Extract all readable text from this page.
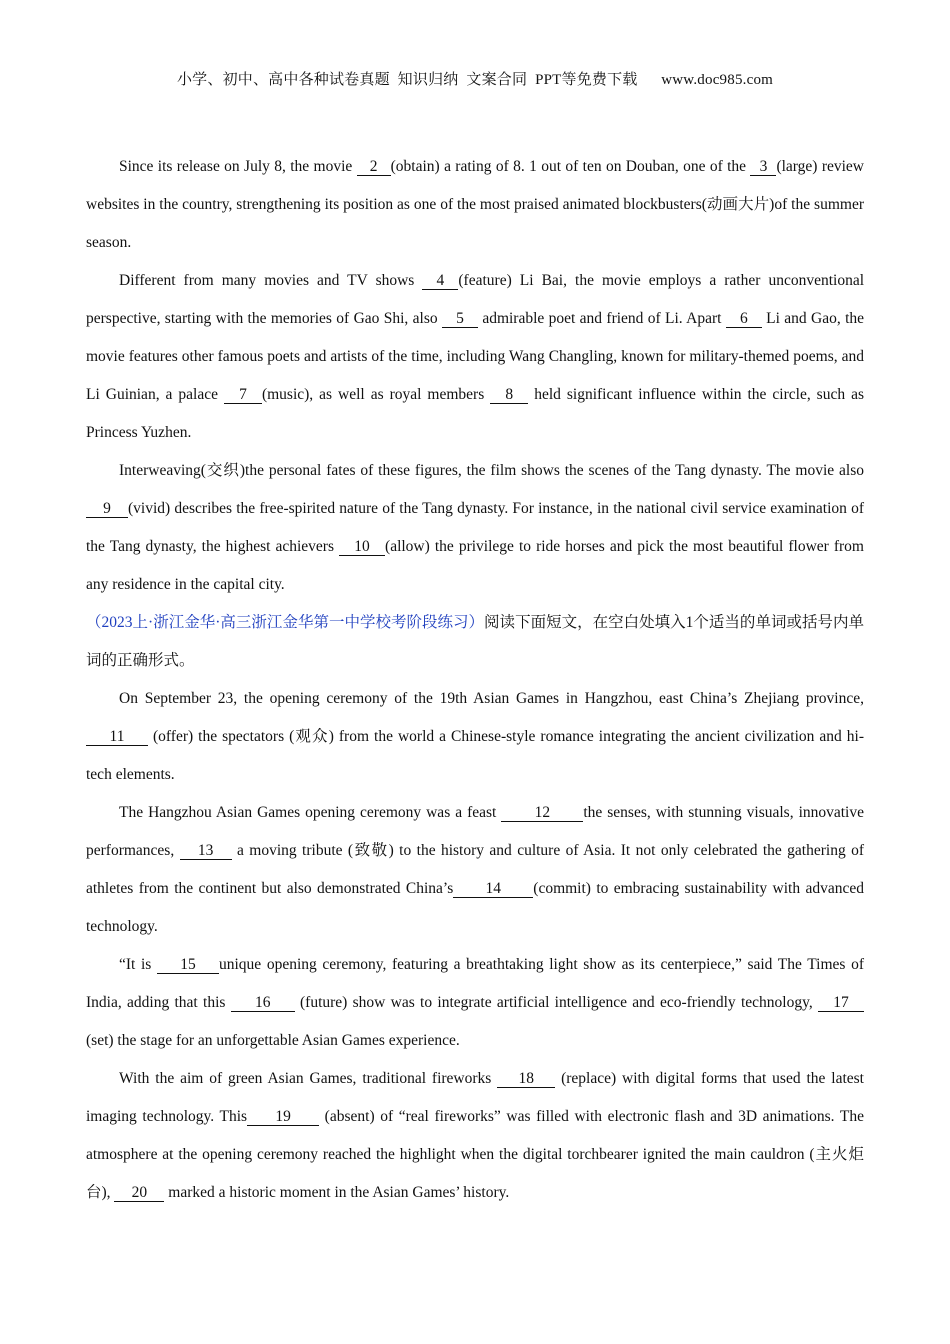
小学、初中、高中各种试卷真题  知识归纳  文案合同  PPT等免费下载      www.doc985.com

Since its release on July 8, the movie 2 (obtain) a rating of 8. 1 out of ten on Douban, one of the 3 (large) review websites in the country, strengthening its position as one of the most praised animated blockbusters(动画大片)of the summer season.

Different from many movies and TV shows 4 (feature) Li Bai, the movie employs a rather unconventional perspective, starting with the memories of Gao Shi, also 5 admirable poet and friend of Li. Apart 6 Li and Gao, the movie features other famous poets and artists of the time, including Wang Changling, known for military-themed poems, and Li Guinian, a palace 7 (music), as well as royal members 8 held significant influence within the circle, such as Princess Yuzhen.

Interweaving(交织)the personal fates of these figures, the film shows the scenes of the Tang dynasty. The movie also 9 (vivid) describes the free-spirited nature of the Tang dynasty. For instance, in the national civil service examination of the Tang dynasty, the highest achievers 10 (allow) the privilege to ride horses and pick the most beautiful flower from any residence in the capital city.

（2023上·浙江金华·高三浙江金华第一中学校考阶段练习）阅读下面短文，在空白处填入1个适当的单词或括号内单词的正确形式。

On September 23, the opening ceremony of the 19th Asian Games in Hangzhou, east China’s Zhejiang province, 11 (offer) the spectators (观众) from the world a Chinese-style romance integrating the ancient civilization and hi-tech elements.

The Hangzhou Asian Games opening ceremony was a feast 12 the senses, with stunning visuals, innovative performances, 13 a moving tribute (致敬) to the history and culture of Asia. It not only celebrated the gathering of athletes from the continent but also demonstrated China’s 14 (commit) to embracing sustainability with advanced technology.

“It is 15 unique opening ceremony, featuring a breathtaking light show as its centerpiece,” said The Times of India, adding that this 16 (future) show was to integrate artificial intelligence and eco-friendly technology, 17 (set) the stage for an unforgettable Asian Games experience.

With the aim of green Asian Games, traditional fireworks 18 (replace) with digital forms that used the latest imaging technology. This 19 (absent) of “real fireworks” was filled with electronic flash and 3D animations. The atmosphere at the opening ceremony reached the highlight when the digital torchbearer ignited the main cauldron (主火炬台), 20 marked a historic moment in the Asian Games’ history.
